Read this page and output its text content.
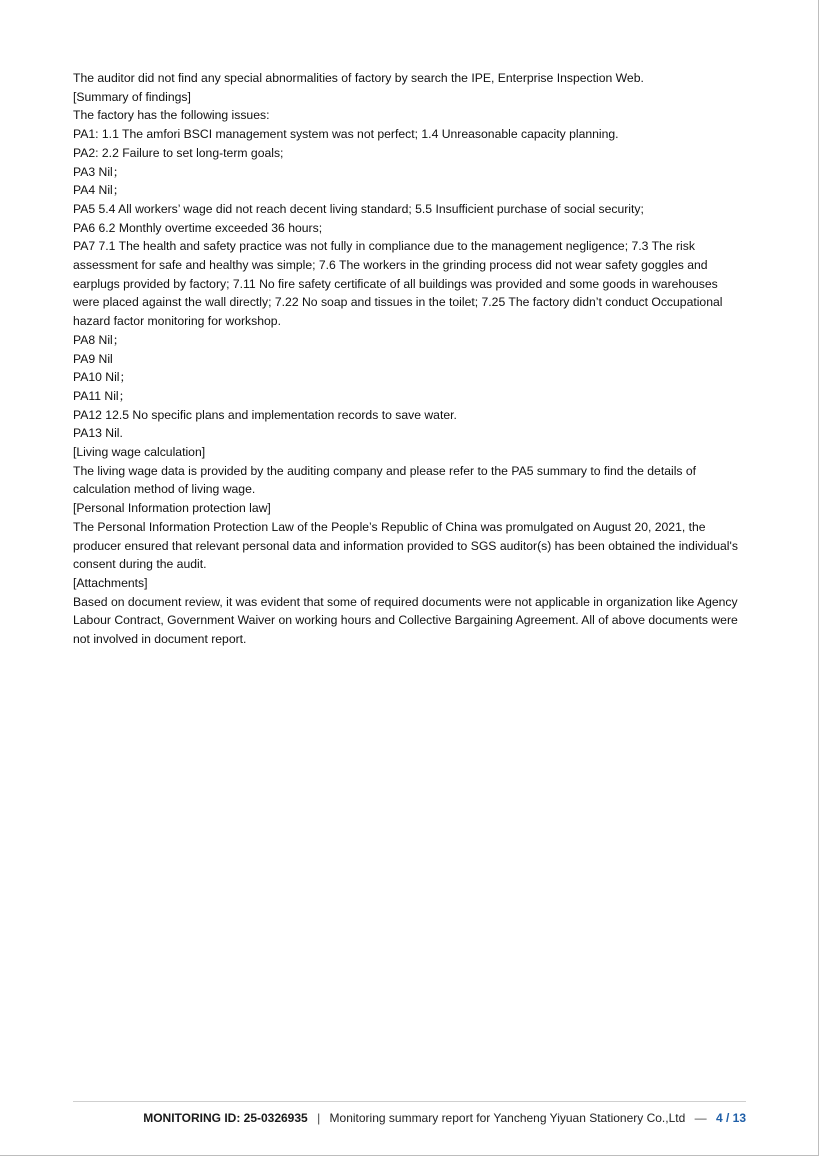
The auditor did not find any special abnormalities of factory by search the IPE, Enterprise Inspection Web.

[Summary of findings]

The factory has the following issues:

PA1: 1.1 The amfori BSCI management system was not perfect; 1.4 Unreasonable capacity planning.

PA2: 2.2 Failure to set long-term goals;

PA3 Nil；

PA4 Nil；

PA5 5.4 All workers’ wage did not reach decent living standard; 5.5 Insufficient purchase of social security;

PA6 6.2 Monthly overtime exceeded 36 hours;

PA7 7.1 The health and safety practice was not fully in compliance due to the management negligence; 7.3 The risk assessment for safe and healthy was simple; 7.6 The workers in the grinding process did not wear safety goggles and earplugs provided by factory; 7.11 No fire safety certificate of all buildings was provided and some goods in warehouses were placed against the wall directly; 7.22 No soap and tissues in the toilet; 7.25 The factory didn’t conduct Occupational hazard factor monitoring for workshop.

PA8 Nil；

PA9 Nil

PA10 Nil；

PA11 Nil；

PA12 12.5 No specific plans and implementation records to save water.

PA13 Nil.

[Living wage calculation]

The living wage data is provided by the auditing company and please refer to the PA5 summary to find the details of calculation method of living wage.

[Personal Information protection law]

The Personal Information Protection Law of the People’s Republic of China was promulgated on August 20, 2021, the producer ensured that relevant personal data and information provided to SGS auditor(s) has been obtained the individual's consent during the audit.

[Attachments]

Based on document review, it was evident that some of required documents were not applicable in organization like Agency Labour Contract, Government Waiver on working hours and Collective Bargaining Agreement. All of above documents were not involved in document report.

MONITORING ID: 25-0326935 | Monitoring summary report for Yancheng Yiyuan Stationery Co.,Ltd — 4 / 13
